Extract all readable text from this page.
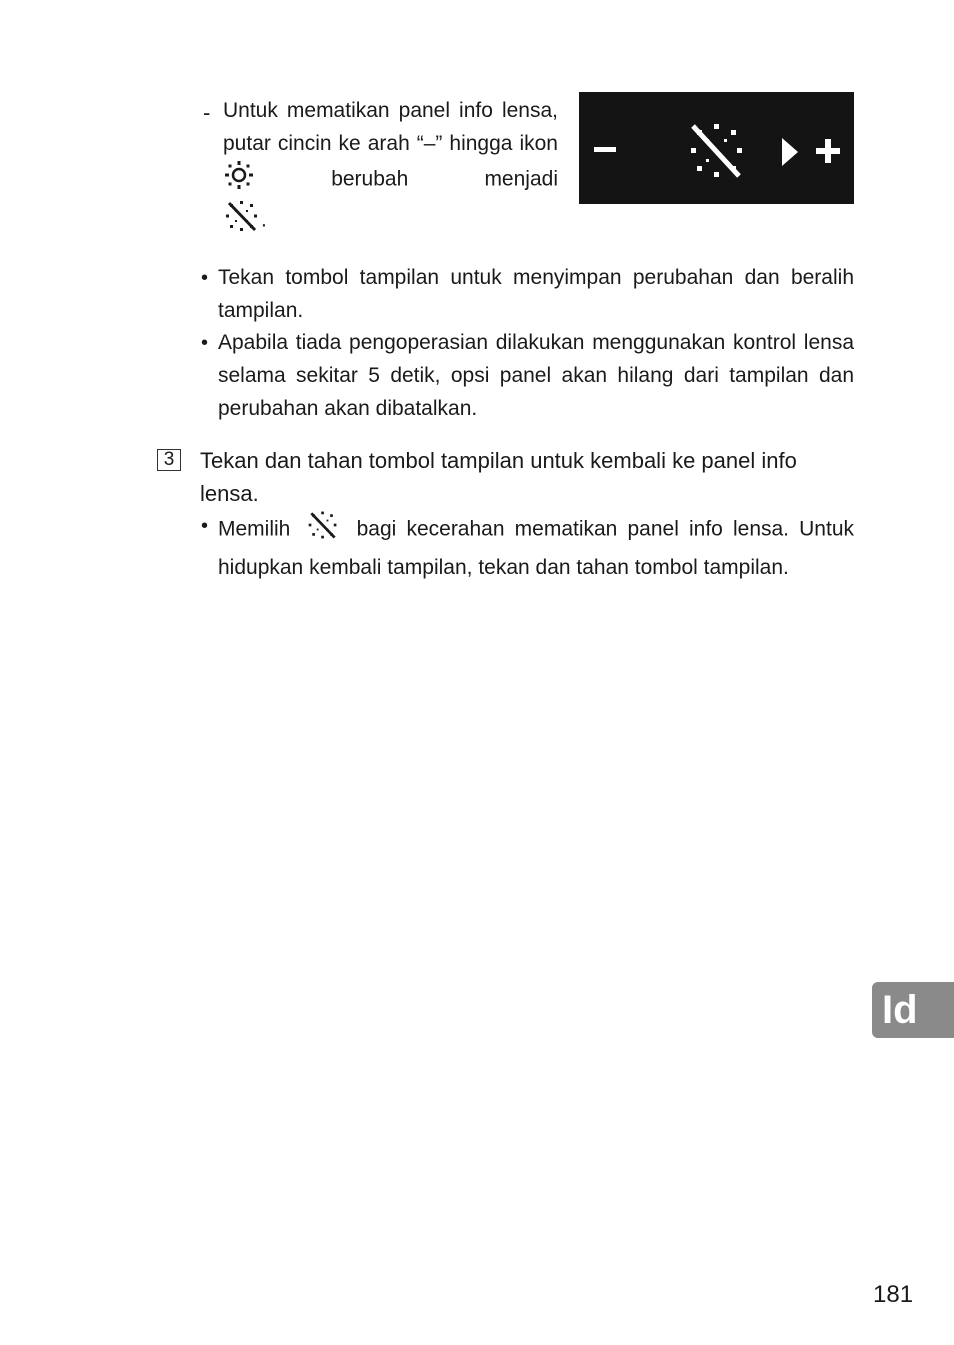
- Untuk mematikan panel info lensa, putar cincin ke arah “–” hingga ikon  berubah menjadi
.
• Tekan tombol tampilan untuk menyimpan perubahan dan beralih tampilan.
• Apabila tiada pengoperasian dilakukan menggunakan kontrol lensa selama sekitar 5 detik, opsi panel akan hilang dari tampilan dan perubahan akan dibatalkan.
3	Tekan dan tahan tombol tampilan untuk kembali ke panel info lensa.
• Memilih	bagi kecerahan mematikan panel info lensa. Untuk hidupkan kembali tampilan, tekan dan tahan tombol tampilan.
Id
181
